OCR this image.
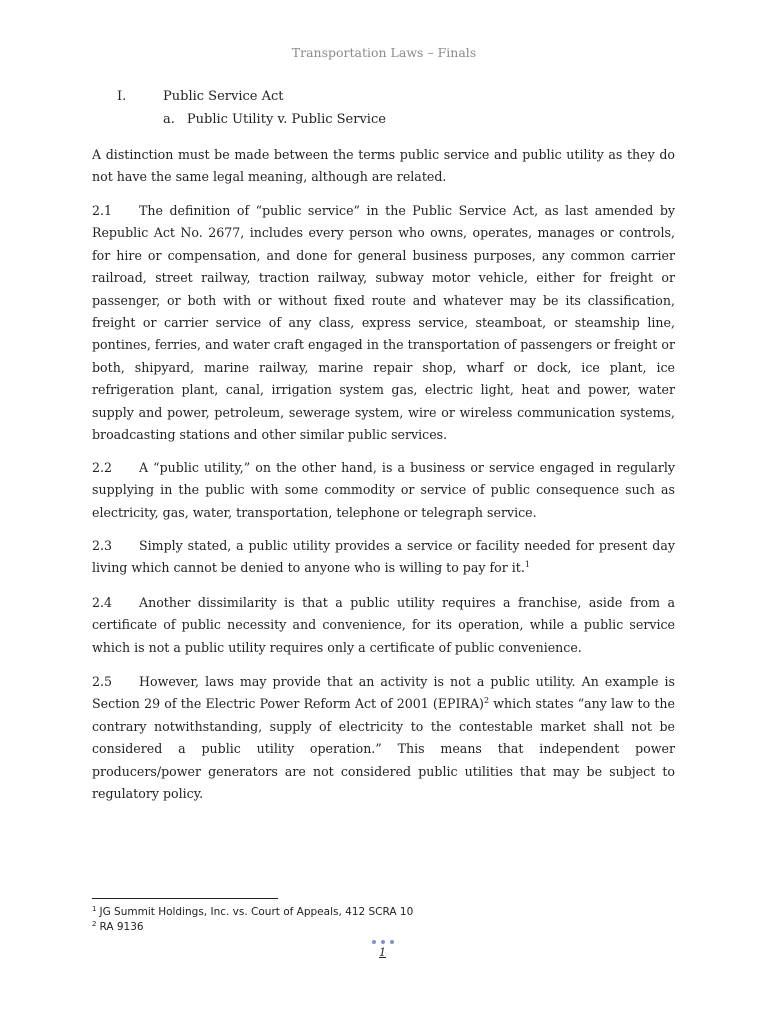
Transportation Laws – Finals
I.	Public Service Act
a. Public Utility v. Public Service
A distinction must be made between the terms public service and public utility as they do not have the same legal meaning, although are related.
2.1 The definition of “public service” in the Public Service Act, as last amended by Republic Act No. 2677, includes every person who owns, operates, manages or controls, for hire or compensation, and done for general business purposes, any common carrier railroad, street railway, traction railway, subway motor vehicle, either for freight or passenger, or both with or without fixed route and whatever may be its classification, freight or carrier service of any class, express service, steamboat, or steamship line, pontines, ferries, and water craft engaged in the transportation of passengers or freight or both, shipyard, marine railway, marine repair shop, wharf or dock, ice plant, ice refrigeration plant, canal, irrigation system gas, electric light, heat and power, water supply and power, petroleum, sewerage system, wire or wireless communication systems, broadcasting stations and other similar public services.
2.2 A “public utility,” on the other hand, is a business or service engaged in regularly supplying in the public with some commodity or service of public consequence such as electricity, gas, water, transportation, telephone or telegraph service.
2.3 Simply stated, a public utility provides a service or facility needed for present day living which cannot be denied to anyone who is willing to pay for it.$^1$
2.4 Another dissimilarity is that a public utility requires a franchise, aside from a certificate of public necessity and convenience, for its operation, while a public service which is not a public utility requires only a certificate of public convenience.
2.5 However, laws may provide that an activity is not a public utility. An example is Section 29 of the Electric Power Reform Act of 2001 (EPIRA)$^2$ which states “any law to the contrary notwithstanding, supply of electricity to the contestable market shall not be considered a public utility operation.” This means that independent power producers/power generators are not considered public utilities that may be subject to regulatory policy.
$^1$ JG Summit Holdings, Inc. vs. Court of Appeals, 412 SCRA 10
$^2$ RA 9136
1
